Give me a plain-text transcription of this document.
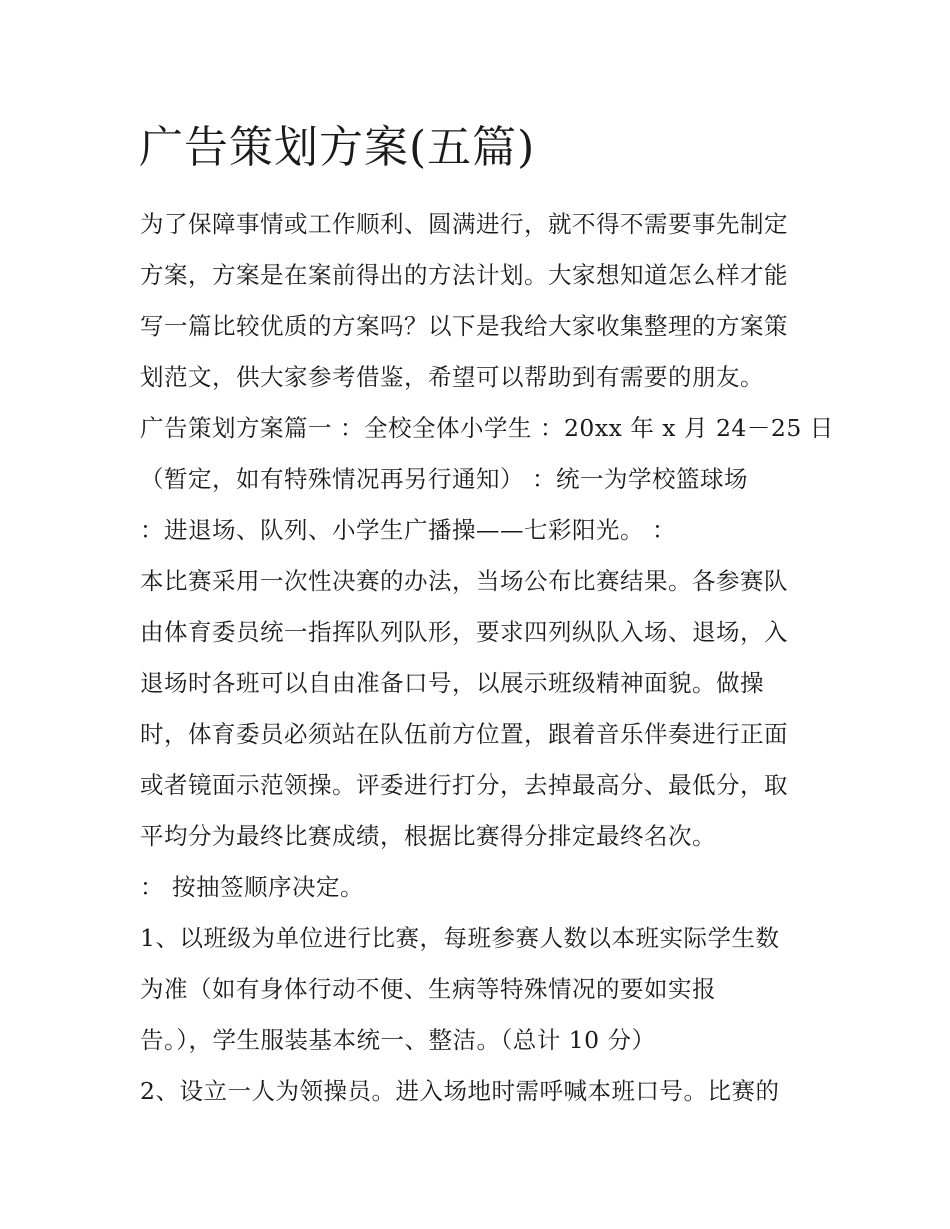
广告策划方案(五篇)
为了保障事情或工作顺利、圆满进行，就不得不需要事先制定
方案，方案是在案前得出的方法计划。大家想知道怎么样才能
写一篇比较优质的方案吗？以下是我给大家收集整理的方案策
划范文，供大家参考借鉴，希望可以帮助到有需要的朋友。
广告策划方案篇一 ：全校全体小学生 ：20xx 年 x 月 24－25 日
（暂定，如有特殊情况再另行通知） ：统一为学校篮球场
：进退场、队列、小学生广播操——七彩阳光。 ：
本比赛采用一次性决赛的办法，当场公布比赛结果。各参赛队
由体育委员统一指挥队列队形，要求四列纵队入场、退场，入
退场时各班可以自由准备口号，以展示班级精神面貌。做操
时，体育委员必须站在队伍前方位置，跟着音乐伴奏进行正面
或者镜面示范领操。评委进行打分，去掉最高分、最低分，取
平均分为最终比赛成绩，根据比赛得分排定最终名次。
： 按抽签顺序决定。
1、以班级为单位进行比赛，每班参赛人数以本班实际学生数
为准（如有身体行动不便、生病等特殊情况的要如实报
告。），学生服装基本统一、整洁。（总计 10 分）
2、设立一人为领操员。进入场地时需呼喊本班口号。比赛的
